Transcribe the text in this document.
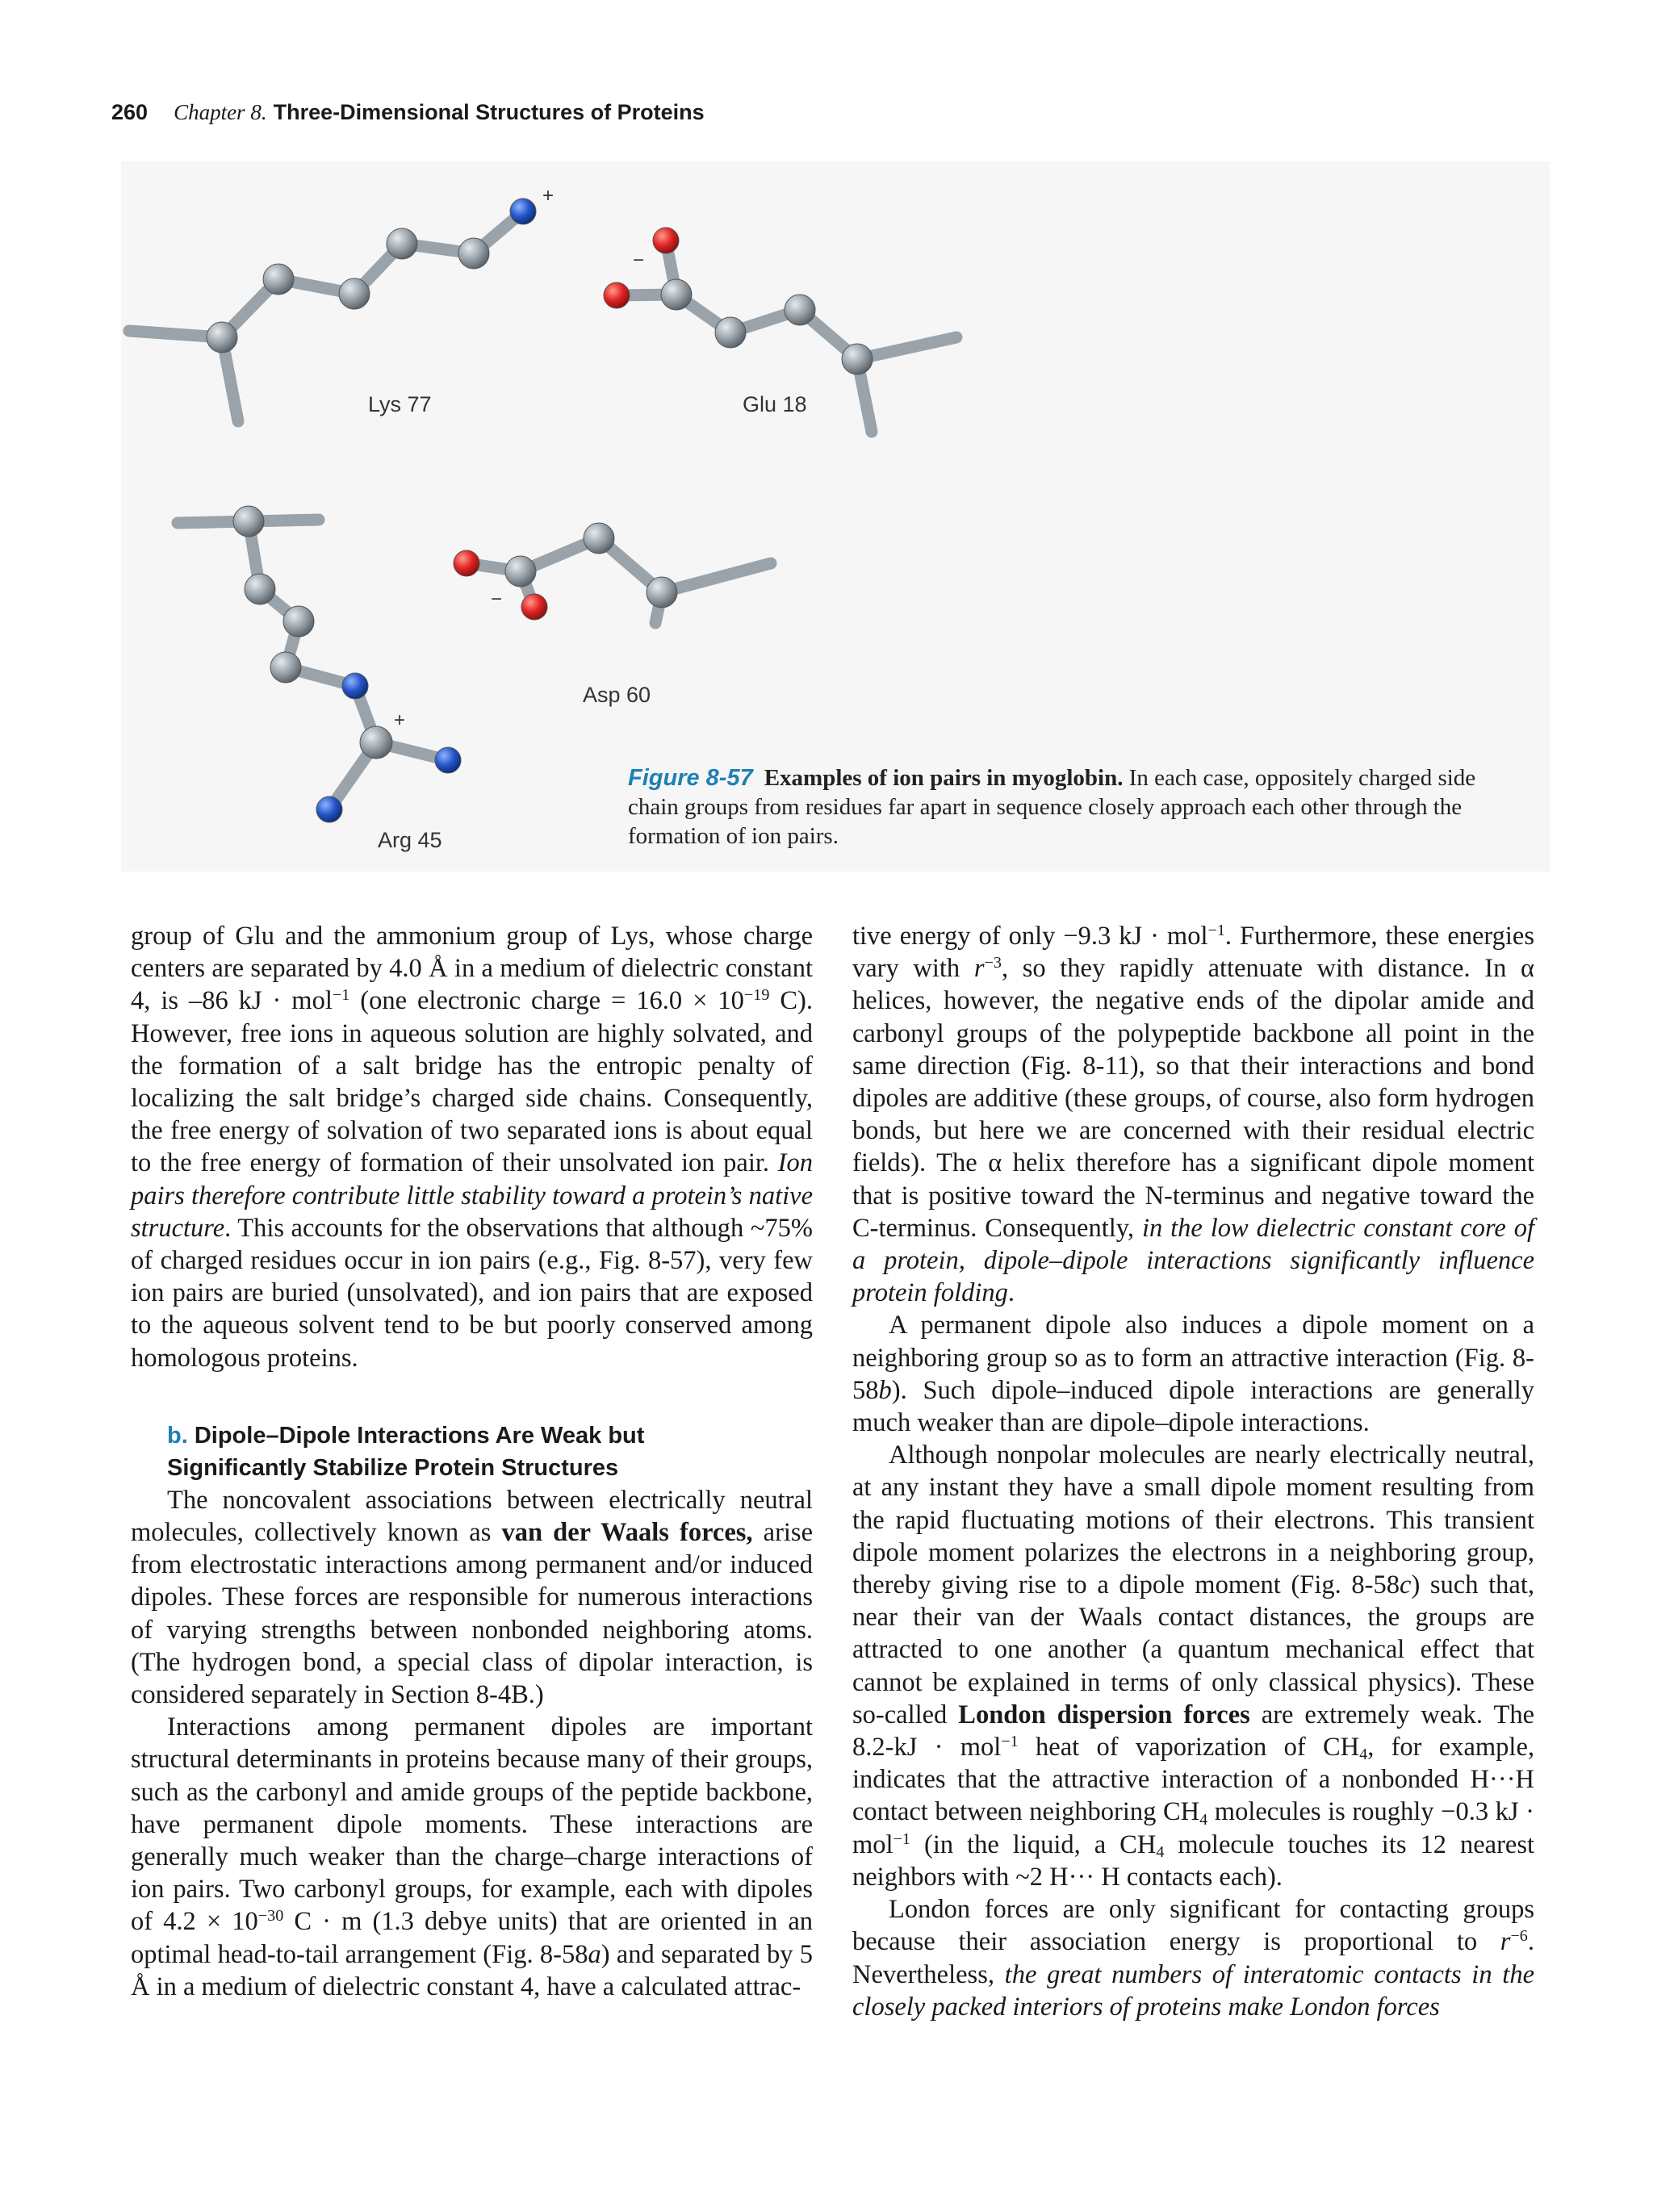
260 Chapter 8. Three-Dimensional Structures of Proteins
+
−
+
−
Lys 77	Glu 18
Asp 60
Arg 45
Figure 8-57 Examples of ion pairs in myoglobin. In each case, oppositely charged side chain groups from residues far apart in sequence closely approach each other through the formation of ion pairs.

group of Glu and the ammonium group of Lys, whose charge centers are separated by 4.0 Å in a medium of dielectric constant 4, is –86 kJ · mol$^{-1}$ (one electronic charge = $16.0 \times 10^{-19}$ C). However, free ions in aqueous solution are highly solvated, and the formation of a salt bridge has the entropic penalty of localizing the salt bridge’s charged side chains. Consequently, the free energy of solvation of two separated ions is about equal to the free energy of formation of their unsolvated ion pair. Ion pairs therefore contribute little stability toward a protein’s native structure. This accounts for the observations that although ~75% of charged residues occur in ion pairs (e.g., Fig. 8-57), very few ion pairs are buried (unsolvated), and ion pairs that are exposed to the aqueous solvent tend to be but poorly conserved among homologous proteins.

b. Dipole–Dipole Interactions Are Weak but
Significantly Stabilize Protein Structures

The noncovalent associations between electrically neutral molecules, collectively known as van der Waals forces, arise from electrostatic interactions among permanent and/or induced dipoles. These forces are responsible for numerous interactions of varying strengths between nonbonded neighboring atoms. (The hydrogen bond, a special class of dipolar interaction, is considered separately in Section 8-4B.)

Interactions among permanent dipoles are important structural determinants in proteins because many of their groups, such as the carbonyl and amide groups of the peptide backbone, have permanent dipole moments. These interactions are generally much weaker than the charge–charge interactions of ion pairs. Two carbonyl groups, for example, each with dipoles of $4.2 \times 10^{-30}$ C · m (1.3 debye units) that are oriented in an optimal head-to-tail arrangement (Fig. 8-58a) and separated by 5 Å in a medium of dielectric constant 4, have a calculated attrac-

tive energy of only −9.3 kJ · mol$^{-1}$. Furthermore, these energies vary with $r^{-3}$, so they rapidly attenuate with distance. In α helices, however, the negative ends of the dipolar amide and carbonyl groups of the polypeptide backbone all point in the same direction (Fig. 8-11), so that their interactions and bond dipoles are additive (these groups, of course, also form hydrogen bonds, but here we are concerned with their residual electric fields). The α helix therefore has a significant dipole moment that is positive toward the N-terminus and negative toward the C-terminus. Consequently, in the low dielectric constant core of a protein, dipole–dipole interactions significantly influence protein folding.

A permanent dipole also induces a dipole moment on a neighboring group so as to form an attractive interaction (Fig. 8-58b). Such dipole–induced dipole interactions are generally much weaker than are dipole–dipole interactions.

Although nonpolar molecules are nearly electrically neutral, at any instant they have a small dipole moment resulting from the rapid fluctuating motions of their electrons. This transient dipole moment polarizes the electrons in a neighboring group, thereby giving rise to a dipole moment (Fig. 8-58c) such that, near their van der Waals contact distances, the groups are attracted to one another (a quantum mechanical effect that cannot be explained in terms of only classical physics). These so-called London dispersion forces are extremely weak. The 8.2-kJ · mol$^{-1}$ heat of vaporization of $CH_4$, for example, indicates that the attractive interaction of a nonbonded H···H contact between neighboring $CH_4$ molecules is roughly −0.3 kJ · mol$^{-1}$ (in the liquid, a $CH_4$ molecule touches its 12 nearest neighbors with ~2 H··· H contacts each).

London forces are only significant for contacting groups because their association energy is proportional to $r^{-6}$. Nevertheless, the great numbers of interatomic contacts in the closely packed interiors of proteins make London forces
